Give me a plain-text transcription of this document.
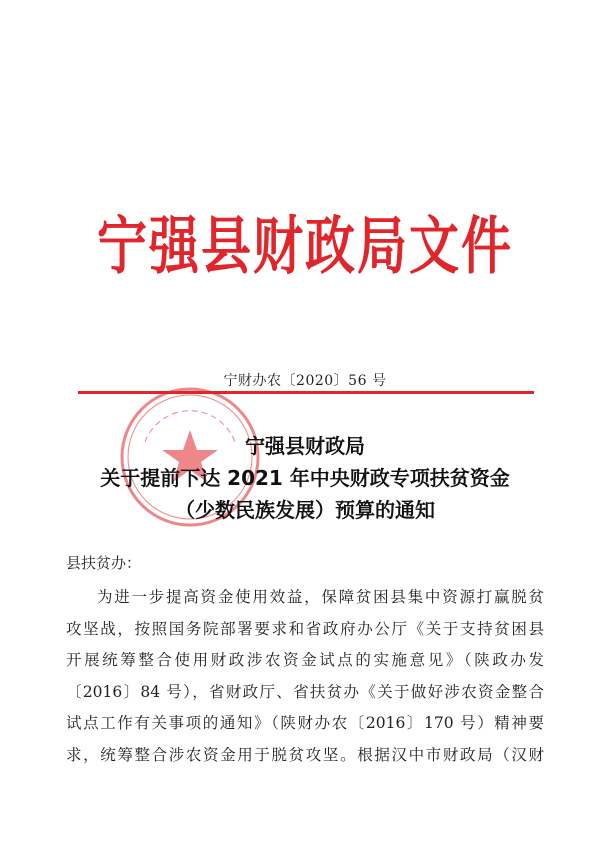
宁强县财政局文件
宁财办农〔2020〕56 号
宁强县财政局
关于提前下达 2021 年中央财政专项扶贫资金
（少数民族发展）预算的通知
县扶贫办：
为进一步提高资金使用效益，保障贫困县集中资源打赢脱贫
攻坚战，按照国务院部署要求和省政府办公厅《关于支持贫困县
开展统筹整合使用财政涉农资金试点的实施意见》（陕政办发
〔2016〕84 号），省财政厅、省扶贫办《关于做好涉农资金整合
试点工作有关事项的通知》（陕财办农〔2016〕170 号）精神要
求，统筹整合涉农资金用于脱贫攻坚。根据汉中市财政局（汉财
